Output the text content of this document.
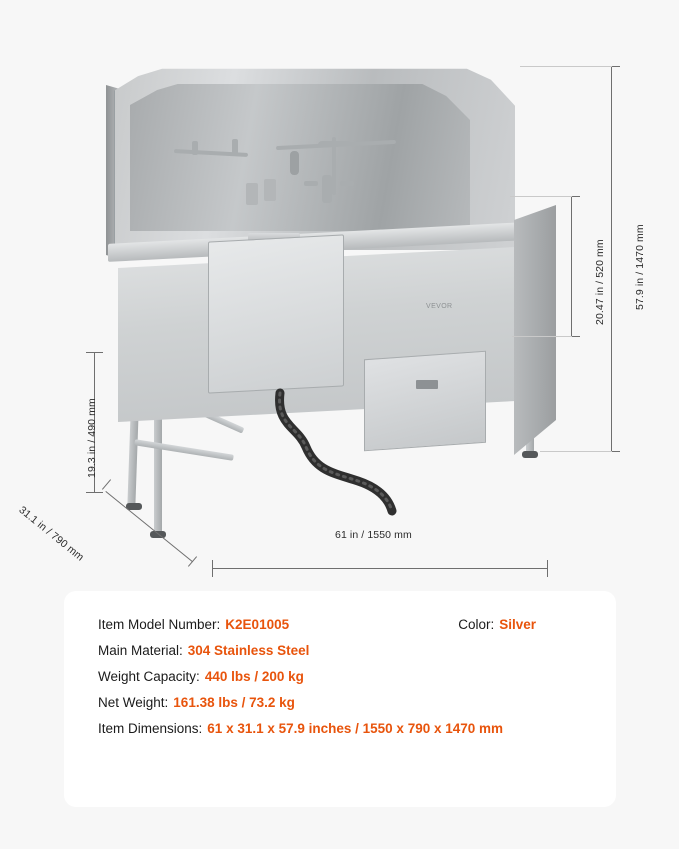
VEVOR	57.9 in / 1470 mm
20.47 in / 520 mm
19.3 in / 490 mm
31.1 in / 790 mm	61 in / 1550 mm
Item Model Number: K2E01005	Color: Silver
Main Material: 304 Stainless Steel
Weight Capacity: 440 lbs / 200 kg
Net Weight: 161.38 lbs / 73.2 kg
Item Dimensions: 61 x 31.1 x 57.9 inches / 1550 x 790 x 1470 mm
